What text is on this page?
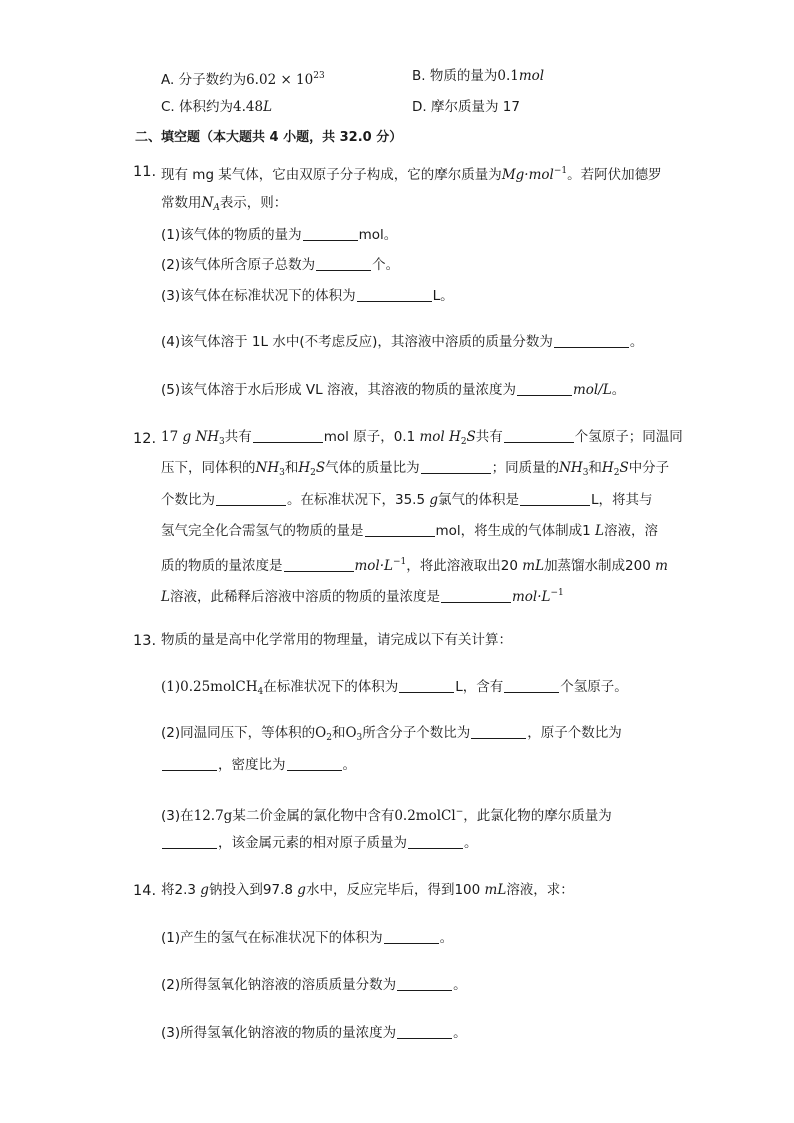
A. 分子数约为$6.02 \times 10^{23}$	B. 物质的量为0.1mol
C. 体积约为4.48L	D. 摩尔质量为 17
二、填空题（本大题共 4 小题，共 32.0 分）
11. 现有 mg 某气体，它由双原子分子构成，它的摩尔质量为Mg·mol$^{-1}$。若阿伏加德罗
常数用$N_A$表示，则：
(1)该气体的物质的量为	mol。
(2)该气体所含原子总数为	个。
(3)该气体在标准状况下的体积为	L。
(4)该气体溶于 1L 水中(不考虑反应)，其溶液中溶质的质量分数为	。
(5)该气体溶于水后形成 VL 溶液，其溶液的物质的量浓度为	mol/L。
12. 17 g $NH_3$共有	mol 原子，0.1 mol $H_2S$共有	个氢原子；同温同
压下，同体积的$NH_3$和$H_2S$气体的质量比为	；同质量的$NH_3$和$H_2S$中分子
个数比为	。在标准状况下，35.5 g氯气的体积是	L，将其与
氢气完全化合需氢气的物质的量是	mol，将生成的气体制成1 L溶液，溶
质的物质的量浓度是	$mol\cdot L^{-1}$，将此溶液取出20 mL加蒸馏水制成200 m
L溶液，此稀释后溶液中溶质的物质的量浓度是	$mol\cdot L^{-1}$
13. 物质的量是高中化学常用的物理量，请完成以下有关计算：
(1)0.25molCH$_4$在标准状况下的体积为	L，含有	个氢原子。
(2)同温同压下，等体积的$O_2$和$O_3$所含分子个数比为	，原子个数比为
，密度比为	。
(3)在12.7g某二价金属的氯化物中含有0.2molCl−，此氯化物的摩尔质量为
，该金属元素的相对原子质量为	。
14. 将2.3 g钠投入到97.8 g水中，反应完毕后，得到100 mL溶液，求：
(1)产生的氢气在标准状况下的体积为	。
(2)所得氢氧化钠溶液的溶质质量分数为	。
(3)所得氢氧化钠溶液的物质的量浓度为	。
